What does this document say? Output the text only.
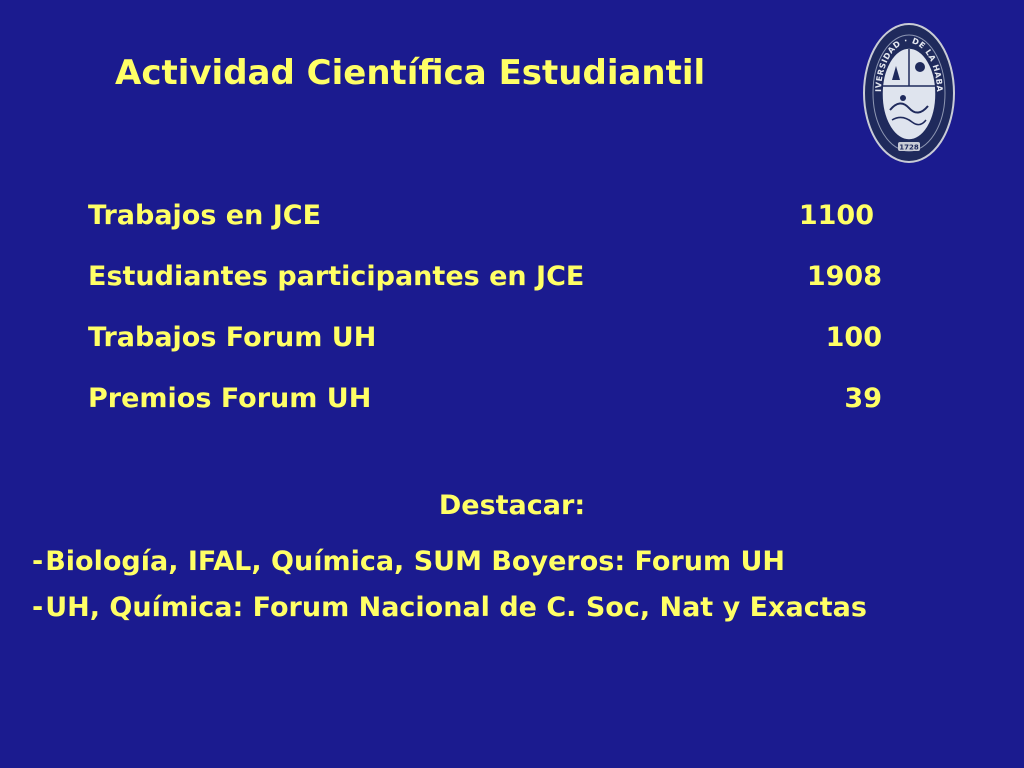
Actividad Científica Estudiantil
1728
IVERSIDAD · DE LA HABA
Trabajos en JCE	1100
Estudiantes participantes en JCE	1908
Trabajos Forum UH	100
Premios Forum UH	39
Destacar:
-Biología, IFAL, Química, SUM Boyeros: Forum UH
-UH, Química: Forum Nacional de C. Soc, Nat y Exactas
